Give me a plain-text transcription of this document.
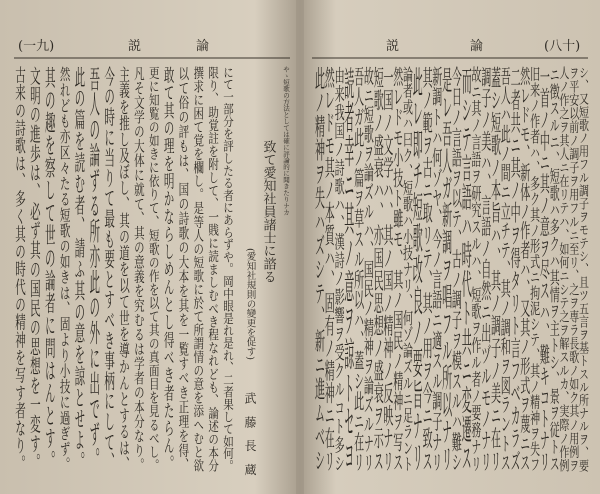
(一九)	論
説	説	論	(八十)
にて一部分を評したる者にあらずや。岡中眼是れ是れ、二者果して如何。
限り、助覚註を附して、一賎に読ましむべき程なれども、論述の本分
撰求に困て覚を欄し。是等人の短歌に於て所謂情の意を添へむと欲
以て俗の評もは、国の詩歌の大本を其を一覧すべき正理を得、
敢て其の理を明かならしめんとし得べき者たらん。
更に知覧の如きに依りて、短歌の作を以て其の真面目を見るべし。
凡そ文学の大体に就て、其の意義を究むるは学者の本分なり。
主義を推し及ぼし、其の道を以て世を導かんとするは、
今の時に当りて最も要とすべき事柄にして、
吾人の論ずる所亦此の外に出でず。
此の篇を読む者、請ふ其の意を諒とせよ。
然れども亦区々たる短歌の如きは、固より小技に過ぎず。
其の趣を察して世の論者に問はんとす。
文明の進歩は、必ず其の国民の思想を一変す。
古来の詩歌は、多く其の時代の精神を写す者なり。	やゝ短歌の方法としては確に評論的に聞きたりナカ
致て愛知社員諸士に諮る
(愛知社規則の變更を促す)
武 藤 長 蔵
シ、又短歌ノ用フル調子ヲモテシ、且ツ五言ヲ基トスル所ナルヲ、要
ヲ平安以前ノ調子ヲ用フルニ至リ、之ヲ専ラ長歌ノ如ク其ノ用例ヲ
人ノ作之ヲ其人ニ在リテハ、如何ニシテ之ヲ解スルカ、実際ノ作例
ニ徴スルニ、短歌ハ多クハ其情ヲ主トシ、景ヲ従トス
一首ノ中ニ其ノ意ヲ尽スハ、難キコトナリ
旧来ノ作者ハ、多ク其ノ形式ニ拘泥シテ、其ノ精神ヲ失フ
然レドモ、新体ノ作者ハ、又其ノ形式ヲ蔑ニス
二者共ニ其ノ中ヲ得タリト言フベカラズ
吾人ハ此ノ間ニ立チテ、其ノ調和ヲ図ラントス
蓋シ短歌ノ本旨ハ、其ノ調子ノ美ニ在リ
調子ノ美ハ、言語ノ自然ニ出ヅルモノナリ
故ニ其ノ言語ヲ研究スルハ、短歌ヲ作ル者ノ要務ナリ
而シテ言語ハ時代ト共ニ変遷ス
今日ノ言語ヲ以テ、古ノ調子ヲ模スルハ難シ
是レ吾人ガ新調ヲ唱フル所以ナリ
新調トハ何ゾヤ、今ノ言語ニ適スル調子ナリ
其ノ範ヲ古ニ取リテ、其ノ用ヲ今ニ致ス
此レ即チ短歌改良ノ要旨ナリ
論者或ハ曰ク、短歌ハ小技ナリ、何ゾ論ズルニ足ラント
然レドモ小技ト雖モ、其ノ国民ノ精神ヲ写ス
一国ノ文学ハ、其ノ国ノ精神ノ反映ナリ
短歌ノ盛衰ハ、亦国民思想ノ盛衰ヲ示ス
故ニ短歌ヲ論ズルハ、国民ノ精神ヲ論ズルナリ
吾人ガ此ノ篇ヲ草スル所以ハ、蓋シ此ニ在リ
読者幸ニ其ノ意ヲ諒トセヨ
由来我国ノ詩歌ハ、漢詩ノ影響ヲ受クルコト多シ
然レドモ其ノ本質ハ、固有ノ精神ニ在リ
此ノ精神ヲ失ハズシテ、新ニ進ムベシ
